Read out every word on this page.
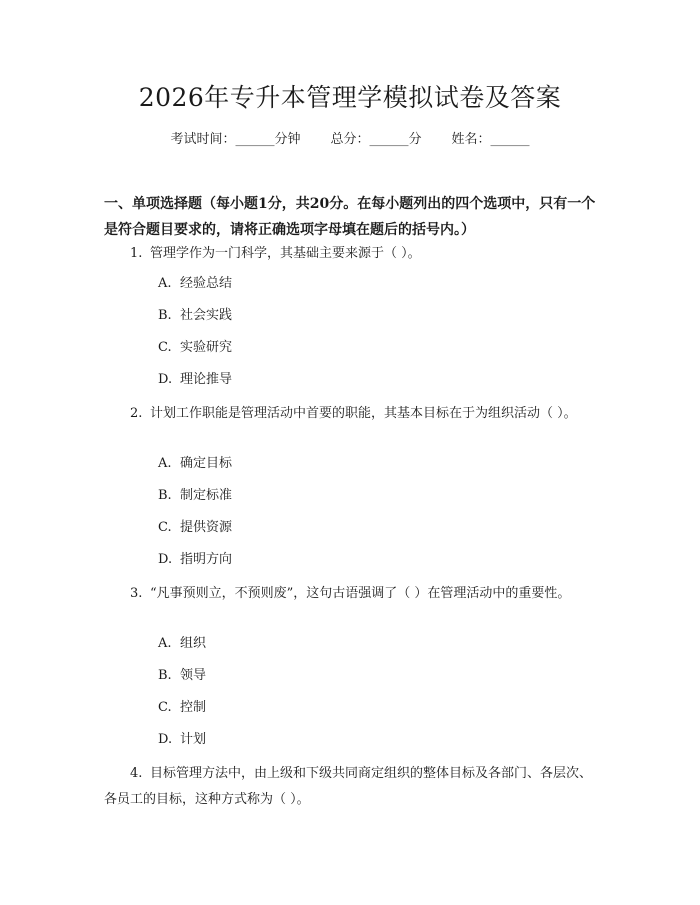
2026年专升本管理学模拟试卷及答案
考试时间：______分钟 总分：______分 姓名：______
一、单项选择题（每小题1分，共20分。在每小题列出的四个选项中，只有一个是符合题目要求的，请将正确选项字母填在题后的括号内。）
1. 管理学作为一门科学，其基础主要来源于（ ）。
A. 经验总结
B. 社会实践
C. 实验研究
D. 理论推导
2. 计划工作职能是管理活动中首要的职能，其基本目标在于为组织活动（ ）。
A. 确定目标
B. 制定标准
C. 提供资源
D. 指明方向
3. “凡事预则立，不预则废”，这句古语强调了（ ）在管理活动中的重要性。
A. 组织
B. 领导
C. 控制
D. 计划
4. 目标管理方法中，由上级和下级共同商定组织的整体目标及各部门、各层次、各员工的目标，这种方式称为（ ）。
